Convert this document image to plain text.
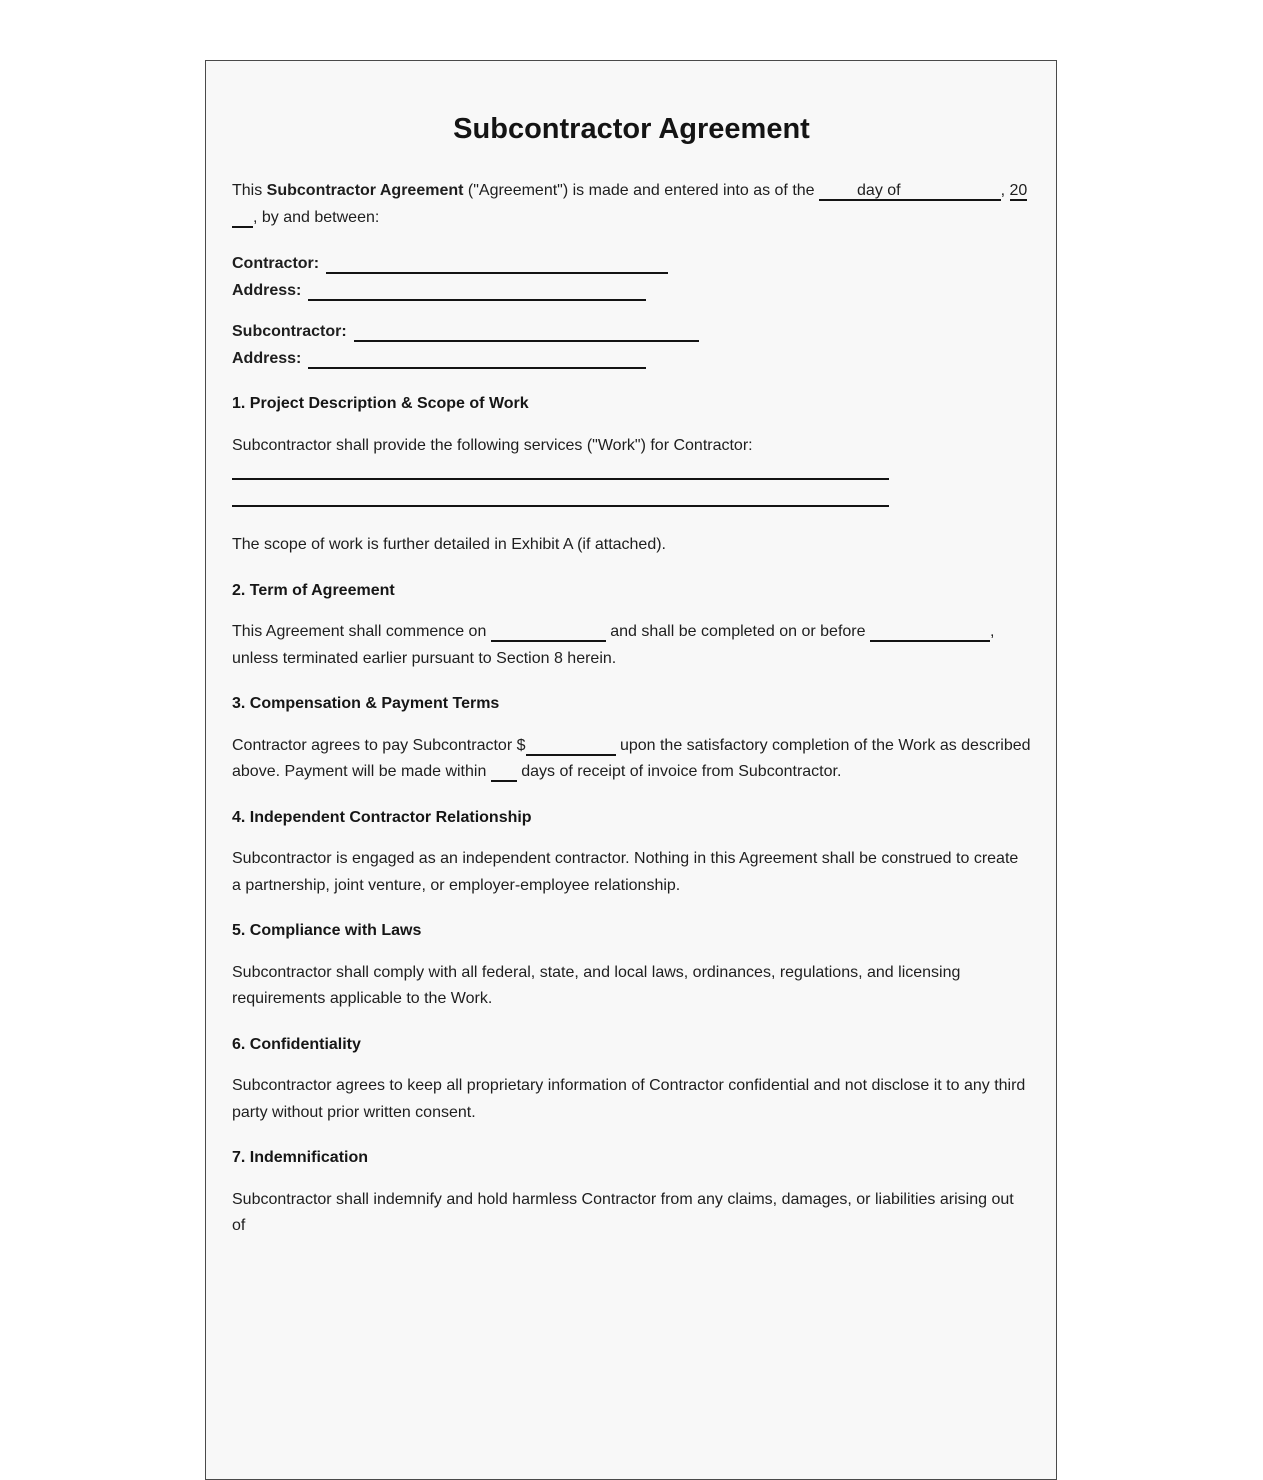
Subcontractor Agreement

This Subcontractor Agreement ("Agreement") is made and entered into as of the day of	, 20, by and between:

Contractor:
Address:

Subcontractor:
Address:

1. Project Description & Scope of Work

Subcontractor shall provide the following services ("Work") for Contractor:

The scope of work is further detailed in Exhibit A (if attached).

2. Term of Agreement

This Agreement shall commence on	and shall be completed on or before	, unless terminated earlier pursuant to Section 8 herein.

3. Compensation & Payment Terms

Contractor agrees to pay Subcontractor $	upon the satisfactory completion of the Work as described above. Payment will be made within  days of receipt of invoice from Subcontractor.

4. Independent Contractor Relationship

Subcontractor is engaged as an independent contractor. Nothing in this Agreement shall be construed to create a partnership, joint venture, or employer-employee relationship.

5. Compliance with Laws

Subcontractor shall comply with all federal, state, and local laws, ordinances, regulations, and licensing requirements applicable to the Work.

6. Confidentiality

Subcontractor agrees to keep all proprietary information of Contractor confidential and not disclose it to any third party without prior written consent.

7. Indemnification

Subcontractor shall indemnify and hold harmless Contractor from any claims, damages, or liabilities arising out of
